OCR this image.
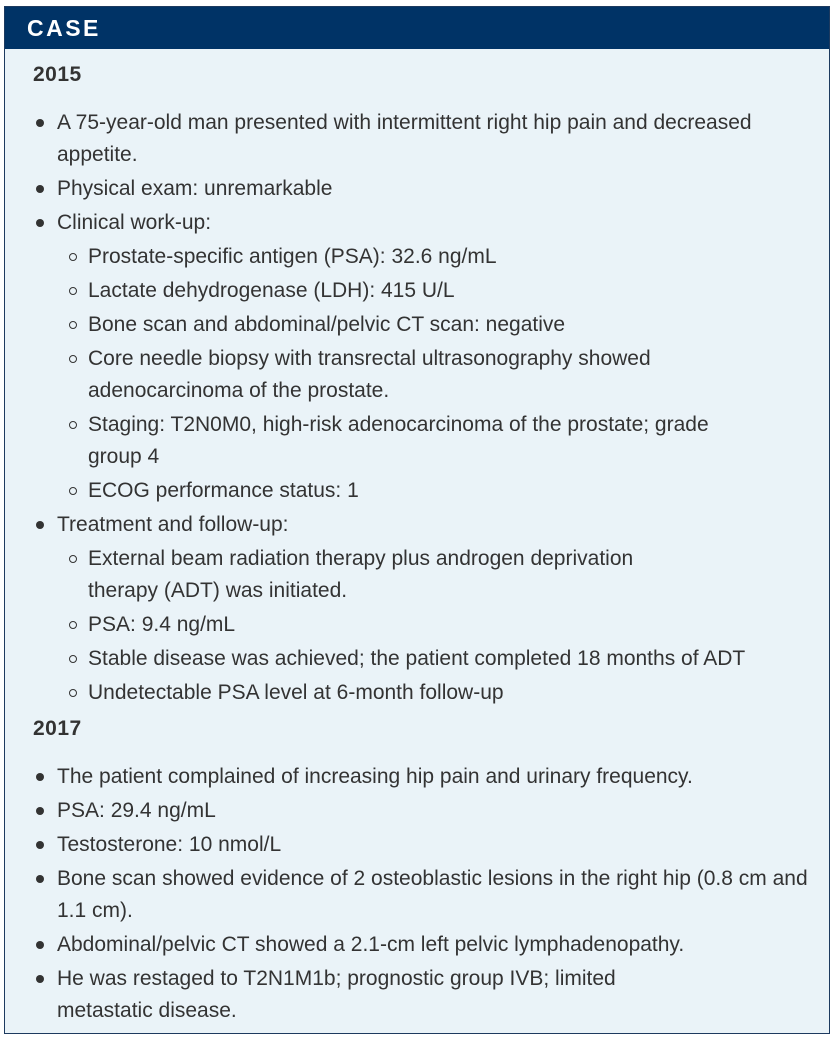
CASE
2015
A 75-year-old man presented with intermittent right hip pain and decreased appetite.
Physical exam: unremarkable
Clinical work-up:
Prostate-specific antigen (PSA): 32.6 ng/mL
Lactate dehydrogenase (LDH): 415 U/L
Bone scan and abdominal/pelvic CT scan: negative
Core needle biopsy with transrectal ultrasonography showed adenocarcinoma of the prostate.
Staging: T2N0M0, high-risk adenocarcinoma of the prostate; grade group 4
ECOG performance status: 1
Treatment and follow-up:
External beam radiation therapy plus androgen deprivation therapy (ADT) was initiated.
PSA: 9.4 ng/mL
Stable disease was achieved; the patient completed 18 months of ADT
Undetectable PSA level at 6-month follow-up
2017
The patient complained of increasing hip pain and urinary frequency.
PSA: 29.4 ng/mL
Testosterone: 10 nmol/L
Bone scan showed evidence of 2 osteoblastic lesions in the right hip (0.8 cm and 1.1 cm).
Abdominal/pelvic CT showed a 2.1-cm left pelvic lymphadenopathy.
He was restaged to T2N1M1b; prognostic group IVB; limited metastatic disease.
